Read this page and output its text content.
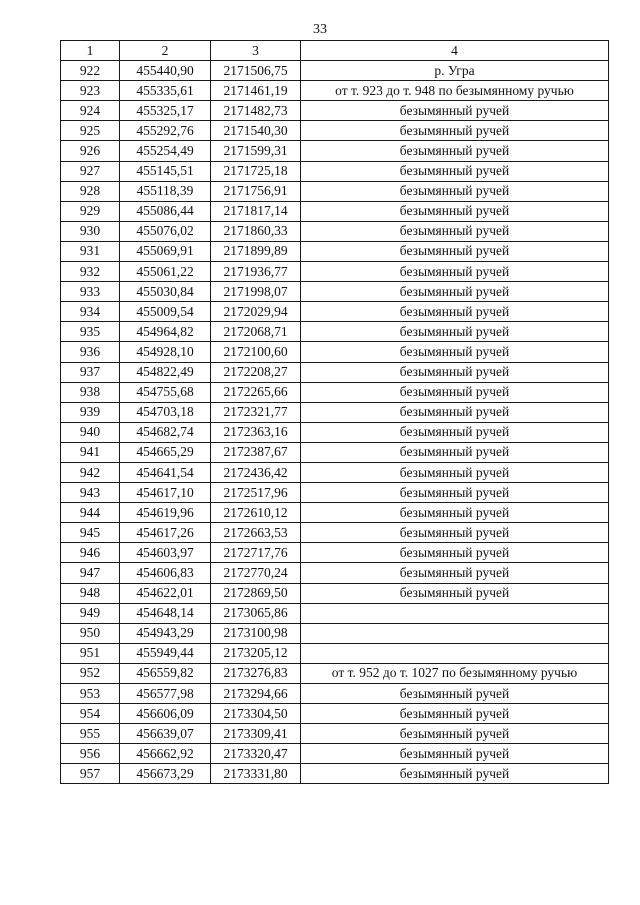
33
1	2	3	4
922	455440,90	2171506,75	р. Угра
923	455335,61	2171461,19	от т. 923 до т. 948 по безымянному ручью
924	455325,17	2171482,73	безымянный ручей
925	455292,76	2171540,30	безымянный ручей
926	455254,49	2171599,31	безымянный ручей
927	455145,51	2171725,18	безымянный ручей
928	455118,39	2171756,91	безымянный ручей
929	455086,44	2171817,14	безымянный ручей
930	455076,02	2171860,33	безымянный ручей
931	455069,91	2171899,89	безымянный ручей
932	455061,22	2171936,77	безымянный ручей
933	455030,84	2171998,07	безымянный ручей
934	455009,54	2172029,94	безымянный ручей
935	454964,82	2172068,71	безымянный ручей
936	454928,10	2172100,60	безымянный ручей
937	454822,49	2172208,27	безымянный ручей
938	454755,68	2172265,66	безымянный ручей
939	454703,18	2172321,77	безымянный ручей
940	454682,74	2172363,16	безымянный ручей
941	454665,29	2172387,67	безымянный ручей
942	454641,54	2172436,42	безымянный ручей
943	454617,10	2172517,96	безымянный ручей
944	454619,96	2172610,12	безымянный ручей
945	454617,26	2172663,53	безымянный ручей
946	454603,97	2172717,76	безымянный ручей
947	454606,83	2172770,24	безымянный ручей
948	454622,01	2172869,50	безымянный ручей
949	454648,14	2173065,86	
950	454943,29	2173100,98	
951	455949,44	2173205,12	
952	456559,82	2173276,83	от т. 952 до т. 1027 по безымянному ручью
953	456577,98	2173294,66	безымянный ручей
954	456606,09	2173304,50	безымянный ручей
955	456639,07	2173309,41	безымянный ручей
956	456662,92	2173320,47	безымянный ручей
957	456673,29	2173331,80	безымянный ручей
